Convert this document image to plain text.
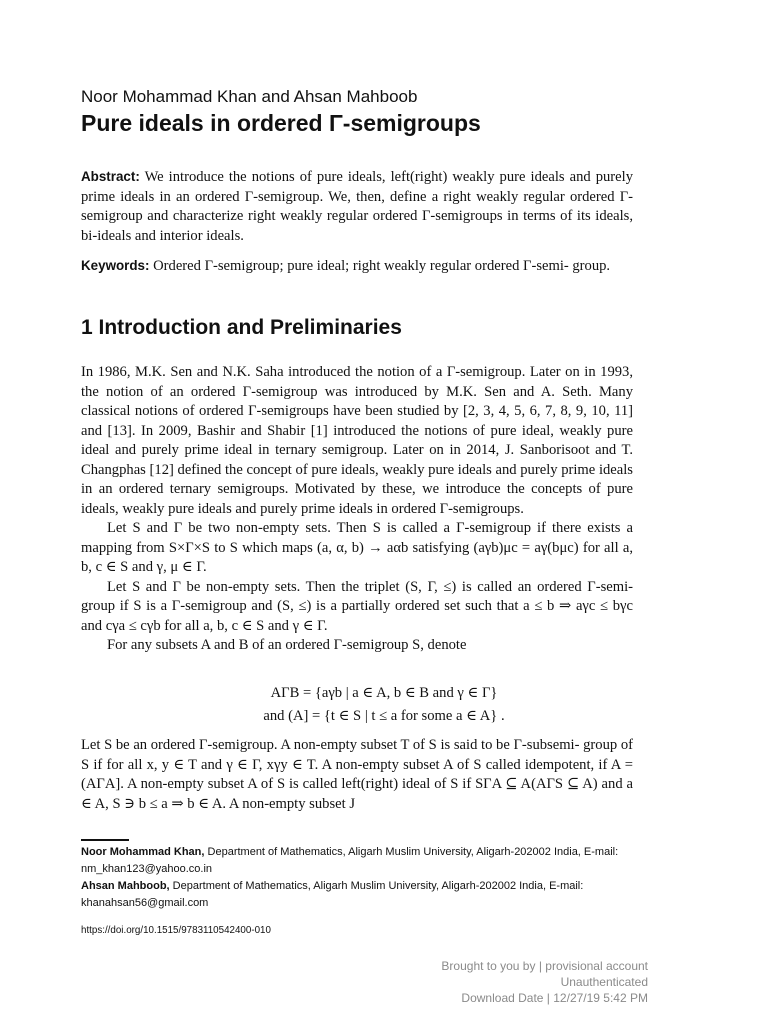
Noor Mohammad Khan and Ahsan Mahboob
Pure ideals in ordered Γ-semigroups

Abstract: We introduce the notions of pure ideals, left(right) weakly pure ideals and purely prime ideals in an ordered Γ-semigroup. We, then, define a right weakly regular ordered Γ-semigroup and characterize right weakly regular ordered Γ-semigroups in terms of its ideals, bi-ideals and interior ideals.

Keywords: Ordered Γ-semigroup; pure ideal; right weakly regular ordered Γ-semi- group.

1 Introduction and Preliminaries

In 1986, M.K. Sen and N.K. Saha introduced the notion of a Γ-semigroup. Later on in 1993, the notion of an ordered Γ-semigroup was introduced by M.K. Sen and A. Seth. Many classical notions of ordered Γ-semigroups have been studied by [2, 3, 4, 5, 6, 7, 8, 9, 10, 11] and [13]. In 2009, Bashir and Shabir [1] introduced the notions of pure ideal, weakly pure ideal and purely prime ideal in ternary semigroup. Later on in 2014, J. Sanborisoot and T. Changphas [12] defined the concept of pure ideals, weakly pure ideals and purely prime ideals in an ordered ternary semigroups. Motivated by these, we introduce the concepts of pure ideals, weakly pure ideals and purely prime ideals in ordered Γ-semigroups.

Let S and Γ be two non-empty sets. Then S is called a Γ-semigroup if there exists a mapping from S×Γ×S to S which maps (a, α, b) → aαb satisfying (aγb)μc = aγ(bμc) for all a, b, c ∈ S and γ, μ ∈ Γ.

Let S and Γ be non-empty sets. Then the triplet (S, Γ, ≤) is called an ordered Γ-semi- group if S is a Γ-semigroup and (S, ≤) is a partially ordered set such that a ≤ b ⇒ aγc ≤ bγc and cγa ≤ cγb for all a, b, c ∈ S and γ ∈ Γ.

For any subsets A and B of an ordered Γ-semigroup S, denote

AΓB = {aγb | a ∈ A, b ∈ B and γ ∈ Γ}
and (A] = {t ∈ S | t ≤ a for some a ∈ A} .

Let S be an ordered Γ-semigroup. A non-empty subset T of S is said to be Γ-subsemi- group of S if for all x, y ∈ T and γ ∈ Γ, xγy ∈ T. A non-empty subset A of S called idempotent, if A = (AΓA]. A non-empty subset A of S is called left(right) ideal of S if SΓA ⊆ A(AΓS ⊆ A) and a ∈ A, S ∋ b ≤ a ⇒ b ∈ A. A non-empty subset J

Noor Mohammad Khan, Department of Mathematics, Aligarh Muslim University, Aligarh-202002 India, E-mail: nm_khan123@yahoo.co.in

Ahsan Mahboob, Department of Mathematics, Aligarh Muslim University, Aligarh-202002 India, E-mail: khanahsan56@gmail.com

https://doi.org/10.1515/9783110542400-010
Brought to you by | provisional account
Unauthenticated
Download Date | 12/27/19 5:42 PM
